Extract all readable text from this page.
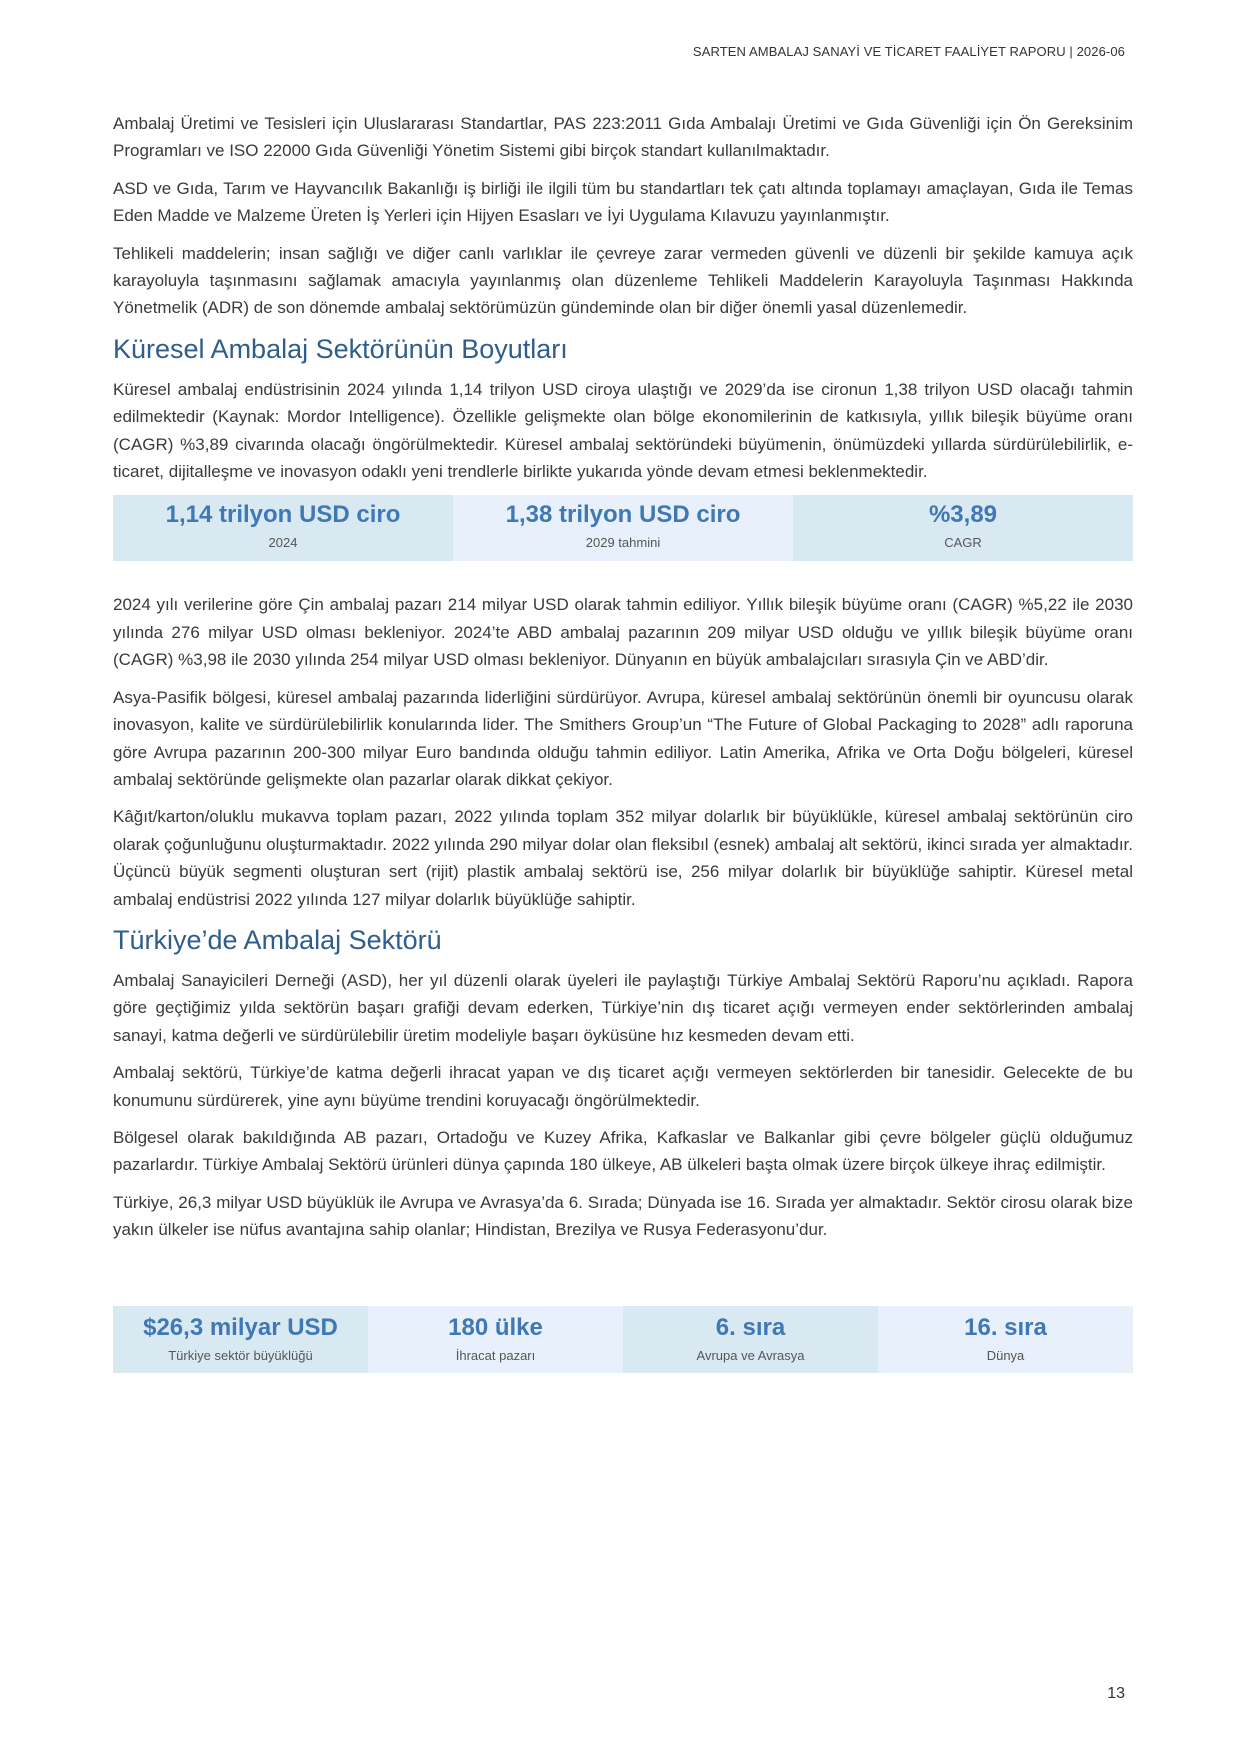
SARTEN AMBALAJ SANAYİ VE TİCARET FAALİYET RAPORU | 2026-06

Ambalaj Üretimi ve Tesisleri için Uluslararası Standartlar, PAS 223:2011 Gıda Ambalajı Üretimi ve Gıda Güvenliği için Ön Gereksinim Programları ve ISO 22000 Gıda Güvenliği Yönetim Sistemi gibi birçok standart kullanılmaktadır.

ASD ve Gıda, Tarım ve Hayvancılık Bakanlığı iş birliği ile ilgili tüm bu standartları tek çatı altında toplamayı amaçlayan, Gıda ile Temas Eden Madde ve Malzeme Üreten İş Yerleri için Hijyen Esasları ve İyi Uygulama Kılavuzu yayınlanmıştır.

Tehlikeli maddelerin; insan sağlığı ve diğer canlı varlıklar ile çevreye zarar vermeden güvenli ve düzenli bir şekilde kamuya açık karayoluyla taşınmasını sağlamak amacıyla yayınlanmış olan düzenleme Tehlikeli Maddelerin Karayoluyla Taşınması Hakkında Yönetmelik (ADR) de son dönemde ambalaj sektörümüzün gündeminde olan bir diğer önemli yasal düzenlemedir.

Küresel Ambalaj Sektörünün Boyutları

Küresel ambalaj endüstrisinin 2024 yılında 1,14 trilyon USD ciroya ulaştığı ve 2029’da ise cironun 1,38 trilyon USD olacağı tahmin edilmektedir (Kaynak: Mordor Intelligence). Özellikle gelişmekte olan bölge ekonomilerinin de katkısıyla, yıllık bileşik büyüme oranı (CAGR) %3,89 civarında olacağı öngörülmektedir. Küresel ambalaj sektöründeki büyümenin, önümüzdeki yıllarda sürdürülebilirlik, e-ticaret, dijitalleşme ve inovasyon odaklı yeni trendlerle birlikte yukarıda yönde devam etmesi beklenmektedir.

1,14 trilyon USD ciro
2024
1,38 trilyon USD ciro
2029 tahmini
%3,89
CAGR

2024 yılı verilerine göre Çin ambalaj pazarı 214 milyar USD olarak tahmin ediliyor. Yıllık bileşik büyüme oranı (CAGR) %5,22 ile 2030 yılında 276 milyar USD olması bekleniyor. 2024’te ABD ambalaj pazarının 209 milyar USD olduğu ve yıllık bileşik büyüme oranı (CAGR) %3,98 ile 2030 yılında 254 milyar USD olması bekleniyor. Dünyanın en büyük ambalajcıları sırasıyla Çin ve ABD’dir.

Asya-Pasifik bölgesi, küresel ambalaj pazarında liderliğini sürdürüyor. Avrupa, küresel ambalaj sektörünün önemli bir oyuncusu olarak inovasyon, kalite ve sürdürülebilirlik konularında lider. The Smithers Group’un “The Future of Global Packaging to 2028” adlı raporuna göre Avrupa pazarının 200-300 milyar Euro bandında olduğu tahmin ediliyor. Latin Amerika, Afrika ve Orta Doğu bölgeleri, küresel ambalaj sektöründe gelişmekte olan pazarlar olarak dikkat çekiyor.

Kâğıt/karton/oluklu mukavva toplam pazarı, 2022 yılında toplam 352 milyar dolarlık bir büyüklükle, küresel ambalaj sektörünün ciro olarak çoğunluğunu oluşturmaktadır. 2022 yılında 290 milyar dolar olan fleksibıl (esnek) ambalaj alt sektörü, ikinci sırada yer almaktadır. Üçüncü büyük segmenti oluşturan sert (rijit) plastik ambalaj sektörü ise, 256 milyar dolarlık bir büyüklüğe sahiptir. Küresel metal ambalaj endüstrisi 2022 yılında 127 milyar dolarlık büyüklüğe sahiptir.

Türkiye’de Ambalaj Sektörü

Ambalaj Sanayicileri Derneği (ASD), her yıl düzenli olarak üyeleri ile paylaştığı Türkiye Ambalaj Sektörü Raporu’nu açıkladı. Rapora göre geçtiğimiz yılda sektörün başarı grafiği devam ederken, Türkiye’nin dış ticaret açığı vermeyen ender sektörlerinden ambalaj sanayi, katma değerli ve sürdürülebilir üretim modeliyle başarı öyküsüne hız kesmeden devam etti.

Ambalaj sektörü, Türkiye’de katma değerli ihracat yapan ve dış ticaret açığı vermeyen sektörlerden bir tanesidir. Gelecekte de bu konumunu sürdürerek, yine aynı büyüme trendini koruyacağı öngörülmektedir.

Bölgesel olarak bakıldığında AB pazarı, Ortadoğu ve Kuzey Afrika, Kafkaslar ve Balkanlar gibi çevre bölgeler güçlü olduğumuz pazarlardır. Türkiye Ambalaj Sektörü ürünleri dünya çapında 180 ülkeye, AB ülkeleri başta olmak üzere birçok ülkeye ihraç edilmiştir.

Türkiye, 26,3 milyar USD büyüklük ile Avrupa ve Avrasya’da 6. Sırada; Dünyada ise 16. Sırada yer almaktadır. Sektör cirosu olarak bize yakın ülkeler ise nüfus avantajına sahip olanlar; Hindistan, Brezilya ve Rusya Federasyonu’dur.

$26,3 milyar USD
Türkiye sektör büyüklüğü
180 ülke
İhracat pazarı
6. sıra
Avrupa ve Avrasya
16. sıra
Dünya
13
